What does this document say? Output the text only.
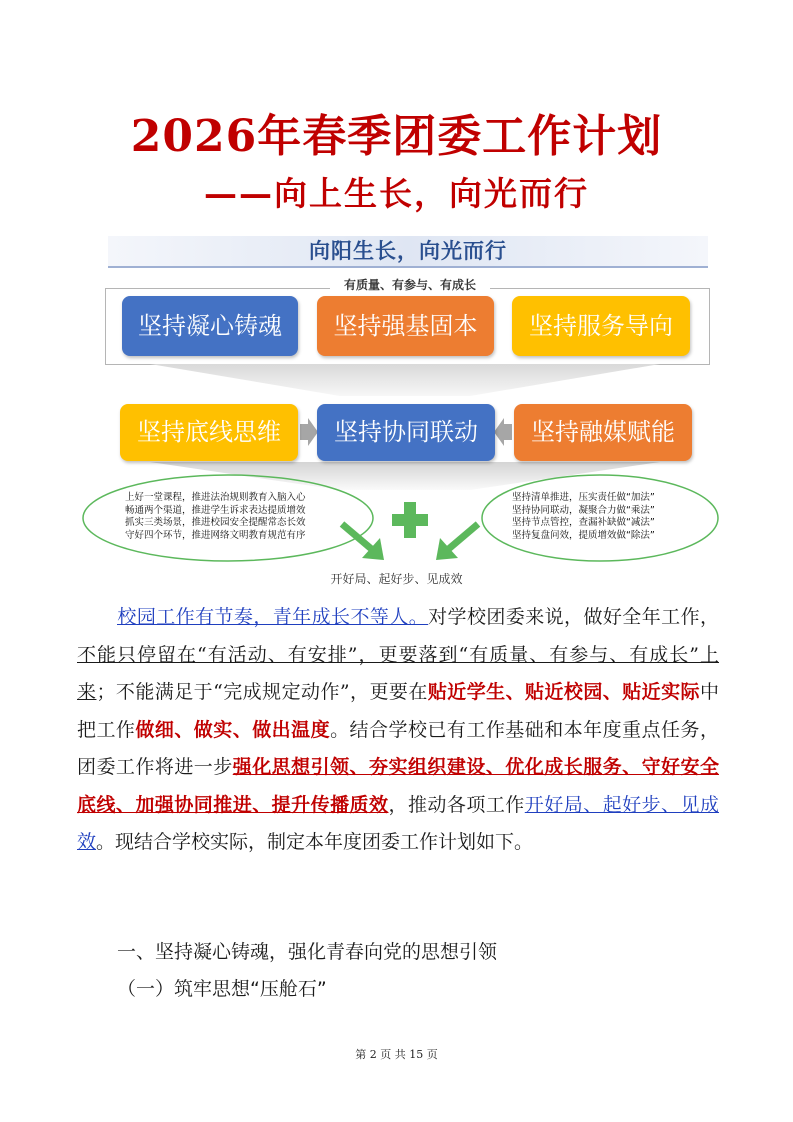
2026年春季团委工作计划
——向上生长，向光而行
向阳生长，向光而行
有质量、有参与、有成长
坚持凝心铸魂	坚持强基固本	坚持服务导向
坚持底线思维	坚持协同联动	坚持融媒赋能
上好一堂课程，推进法治规则教育入脑入心
畅通两个渠道，推进学生诉求表达提质增效
抓实三类场景，推进校园安全提醒常态长效
守好四个环节，推进网络文明教育规范有序
坚持清单推进，压实责任做“加法”
坚持协同联动，凝聚合力做“乘法”
坚持节点管控，查漏补缺做“减法”
坚持复盘问效，提质增效做“除法”
开好局、起好步、见成效
校园工作有节奏，青年成长不等人。对学校团委来说，做好全年工作，不能只停留在“有活动、有安排”，更要落到“有质量、有参与、有成长”上来；不能满足于“完成规定动作”，更要在贴近学生、贴近校园、贴近实际中把工作做细、做实、做出温度。结合学校已有工作基础和本年度重点任务，团委工作将进一步强化思想引领、夯实组织建设、优化成长服务、守好安全底线、加强协同推进、提升传播质效，推动各项工作开好局、起好步、见成效。现结合学校实际，制定本年度团委工作计划如下。
一、坚持凝心铸魂，强化青春向党的思想引领
（一）筑牢思想“压舱石”
第 2 页 共 15 页
